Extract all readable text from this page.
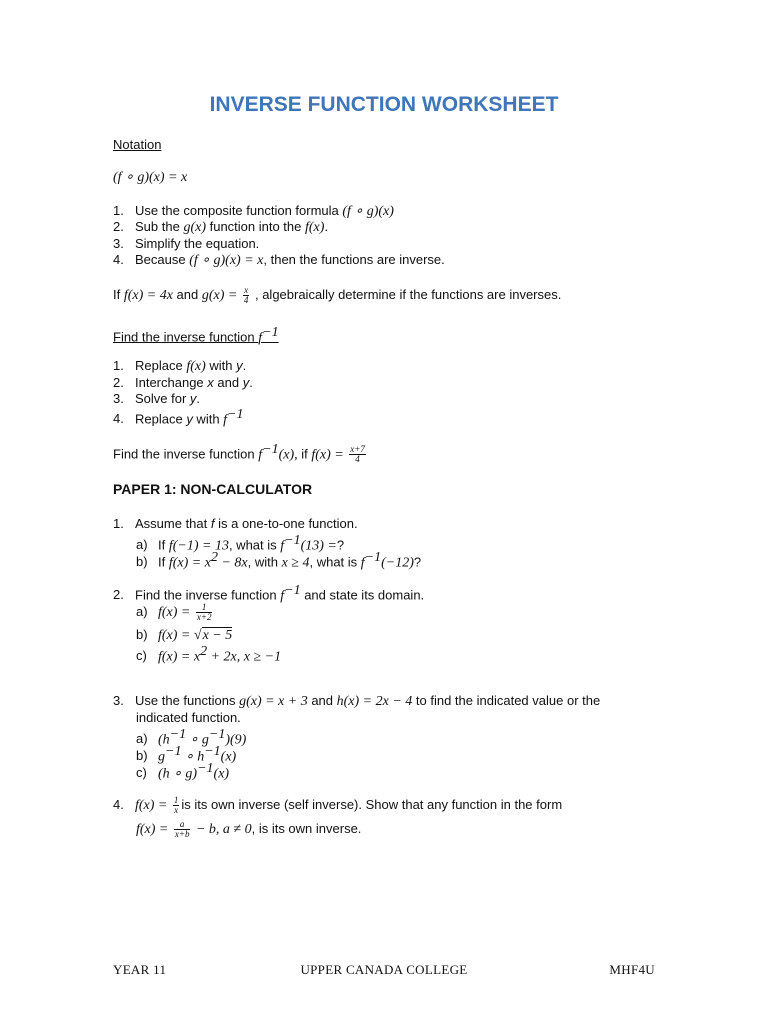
INVERSE FUNCTION WORKSHEET
Notation
(f ∘ g)(x) = x
1. Use the composite function formula (f ∘ g)(x)
2. Sub the g(x) function into the f(x).
3. Simplify the equation.
4. Because (f ∘ g)(x) = x, then the functions are inverse.
If f(x) = 4x and $g(x) = \frac{x}{4}$ , algebraically determine if the functions are inverses.
Find the inverse function $f^{-1}$
1. Replace f(x) with y.
2. Interchange x and y.
3. Solve for y.
4. Replace y with $f^{-1}$
Find the inverse function $f^{-1}(x)$, if $f(x) = \frac{x+7}{4}$
PAPER 1: NON-CALCULATOR
1. Assume that f is a one-to-one function.
a) If f(−1) = 13, what is $f^{-1}(13)$ =?
b) If $f(x) = x^2 - 8x$, with x ≥ 4, what is $f^{-1}(-12)$?
2. Find the inverse function $f^{-1}$ and state its domain.
a) $f(x) = \frac{1}{x+2}$
b) f(x) = √x − 5
c) $f(x) = x^2 + 2x$, x ≥ −1
3. Use the functions g(x) = x + 3 and h(x) = 2x − 4 to find the indicated value or the
indicated function.
a) ($h^{-1}$ ∘ $g^{-1})(9)$
b) $g^{-1}$ ∘ $h^{-1}(x)$
c) (h ∘ g)$^{-1}$(x)
4. $f(x) = \frac{1}{x}$ is its own inverse (self inverse). Show that any function in the form
$f(x) = \frac{a}{x+b} - b$, a ≠ 0, is its own inverse.
YEAR 11	UPPER CANADA COLLEGE	MHF4U
